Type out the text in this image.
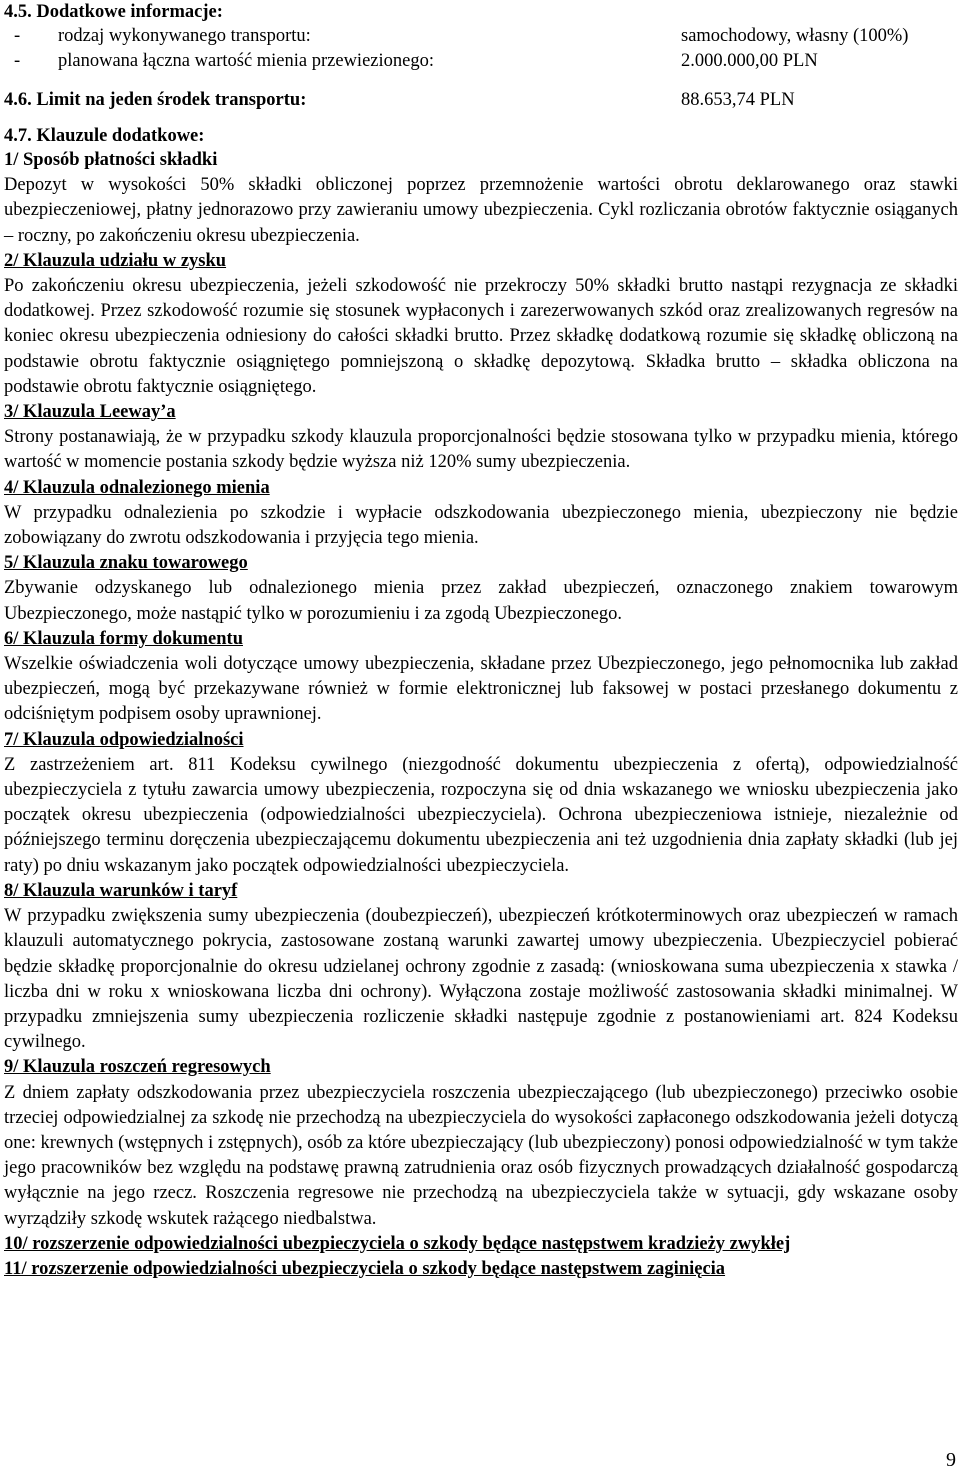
4.5. Dodatkowe informacje:

-	rodzaj wykonywanego transportu:	samochodowy, własny (100%)
-	planowana łączna wartość mienia przewiezionego:	2.000.000,00 PLN
4.6. Limit na jeden środek transportu:	88.653,74 PLN

4.7. Klauzule dodatkowe:

1/ Sposób płatności składki

Depozyt w wysokości 50% składki obliczonej poprzez przemnożenie wartości obrotu deklarowanego oraz stawki ubezpieczeniowej, płatny jednorazowo przy zawieraniu umowy ubezpieczenia. Cykl rozliczania obrotów faktycznie osiąganych – roczny, po zakończeniu okresu ubezpieczenia.

2/ Klauzula udziału w zysku

Po zakończeniu okresu ubezpieczenia, jeżeli szkodowość nie przekroczy 50% składki brutto nastąpi rezygnacja ze składki dodatkowej. Przez szkodowość rozumie się stosunek wypłaconych i zarezerwowanych szkód oraz zrealizowanych regresów na koniec okresu ubezpieczenia odniesiony do całości składki brutto. Przez składkę dodatkową rozumie się składkę obliczoną na podstawie obrotu faktycznie osiągniętego pomniejszoną o składkę depozytową. Składka brutto – składka obliczona na podstawie obrotu faktycznie osiągniętego.

3/ Klauzula Leeway’a

Strony postanawiają, że w przypadku szkody klauzula proporcjonalności będzie stosowana tylko w przypadku mienia, którego wartość w momencie postania szkody będzie wyższa niż 120% sumy ubezpieczenia.

4/ Klauzula odnalezionego mienia

W przypadku odnalezienia po szkodzie i wypłacie odszkodowania ubezpieczonego mienia, ubezpieczony nie będzie zobowiązany do zwrotu odszkodowania i przyjęcia tego mienia.

5/ Klauzula znaku towarowego

Zbywanie odzyskanego lub odnalezionego mienia przez zakład ubezpieczeń, oznaczonego znakiem towarowym Ubezpieczonego, może nastąpić tylko w porozumieniu i za zgodą Ubezpieczonego.

6/ Klauzula formy dokumentu

Wszelkie oświadczenia woli dotyczące umowy ubezpieczenia, składane przez Ubezpieczonego, jego pełnomocnika lub zakład ubezpieczeń, mogą być przekazywane również w formie elektronicznej lub faksowej w postaci przesłanego dokumentu z odciśniętym podpisem osoby uprawnionej.

7/ Klauzula odpowiedzialności

Z zastrzeżeniem art. 811 Kodeksu cywilnego (niezgodność dokumentu ubezpieczenia z ofertą), odpowiedzialność ubezpieczyciela z tytułu zawarcia umowy ubezpieczenia, rozpoczyna się od dnia wskazanego we wniosku ubezpieczenia jako początek okresu ubezpieczenia (odpowiedzialności ubezpieczyciela). Ochrona ubezpieczeniowa istnieje, niezależnie od późniejszego terminu doręczenia ubezpieczającemu dokumentu ubezpieczenia ani też uzgodnienia dnia zapłaty składki (lub jej raty) po dniu wskazanym jako początek odpowiedzialności ubezpieczyciela.

8/ Klauzula warunków i taryf

W przypadku zwiększenia sumy ubezpieczenia (doubezpieczeń), ubezpieczeń krótkoterminowych oraz ubezpieczeń w ramach klauzuli automatycznego pokrycia, zastosowane zostaną warunki zawartej umowy ubezpieczenia. Ubezpieczyciel pobierać będzie składkę proporcjonalnie do okresu udzielanej ochrony zgodnie z zasadą: (wnioskowana suma ubezpieczenia x stawka / liczba dni w roku x wnioskowana liczba dni ochrony). Wyłączona zostaje możliwość zastosowania składki minimalnej. W przypadku zmniejszenia sumy ubezpieczenia rozliczenie składki następuje zgodnie z postanowieniami art. 824 Kodeksu cywilnego.

9/ Klauzula roszczeń regresowych

Z dniem zapłaty odszkodowania przez ubezpieczyciela roszczenia ubezpieczającego (lub ubezpieczonego) przeciwko osobie trzeciej odpowiedzialnej za szkodę nie przechodzą na ubezpieczyciela do wysokości zapłaconego odszkodowania jeżeli dotyczą one: krewnych (wstępnych i zstępnych), osób za które ubezpieczający (lub ubezpieczony) ponosi odpowiedzialność w tym także jego pracowników bez względu na podstawę prawną zatrudnienia oraz osób fizycznych prowadzących działalność gospodarczą wyłącznie na jego rzecz. Roszczenia regresowe nie przechodzą na ubezpieczyciela także w sytuacji, gdy wskazane osoby wyrządziły szkodę wskutek rażącego niedbalstwa.

10/ rozszerzenie odpowiedzialności ubezpieczyciela o szkody będące następstwem kradzieży zwykłej

11/ rozszerzenie odpowiedzialności ubezpieczyciela o szkody będące następstwem zaginięcia

9
